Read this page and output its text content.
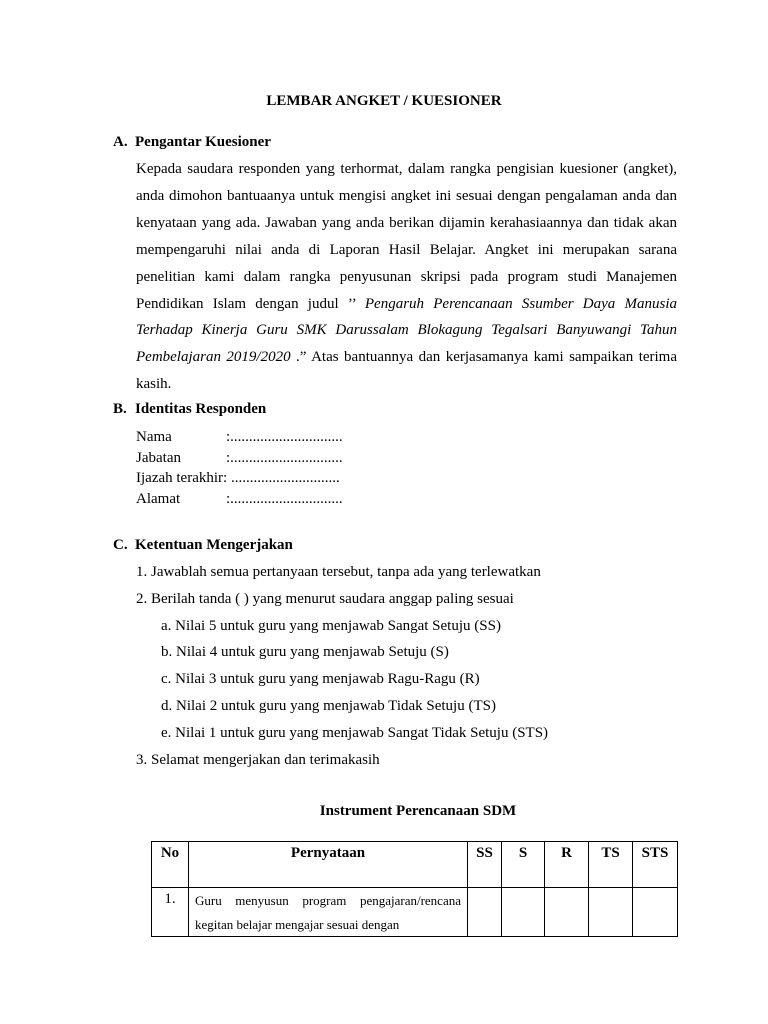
LEMBAR ANGKET / KUESIONER
A. Pengantar Kuesioner
Kepada saudara responden yang terhormat, dalam rangka pengisian kuesioner (angket), anda dimohon bantuaanya untuk mengisi angket ini sesuai dengan pengalaman anda dan kenyataan yang ada. Jawaban yang anda berikan dijamin kerahasiaannya dan tidak akan mempengaruhi nilai anda di Laporan Hasil Belajar. Angket ini merupakan sarana penelitian kami dalam rangka penyusunan skripsi pada program studi Manajemen Pendidikan Islam dengan judul ’’ Pengaruh Perencanaan Ssumber Daya Manusia Terhadap Kinerja Guru SMK Darussalam Blokagung Tegalsari Banyuwangi Tahun Pembelajaran 2019/2020 .” Atas bantuannya dan kerjasamanya kami sampaikan terima kasih.
B. Identitas Responden
Nama	:..............................
Jabatan	:..............................
Ijazah terakhir: .............................
Alamat	:..............................
C. Ketentuan Mengerjakan
1. Jawablah semua pertanyaan tersebut, tanpa ada yang terlewatkan
2. Berilah tanda ( ) yang menurut saudara anggap paling sesuai
a. Nilai 5 untuk guru yang menjawab Sangat Setuju (SS)
b. Nilai 4 untuk guru yang menjawab Setuju (S)
c. Nilai 3 untuk guru yang menjawab Ragu-Ragu (R)
d. Nilai 2 untuk guru yang menjawab Tidak Setuju (TS)
e. Nilai 1 untuk guru yang menjawab Sangat Tidak Setuju (STS)
3. Selamat mengerjakan dan terimakasih
Instrument Perencanaan SDM
No	Pernyataan	SS	S	R	TS	STS
1.	Guru menyusun program pengajaran/rencana kegitan belajar mengajar sesuai dengan					
